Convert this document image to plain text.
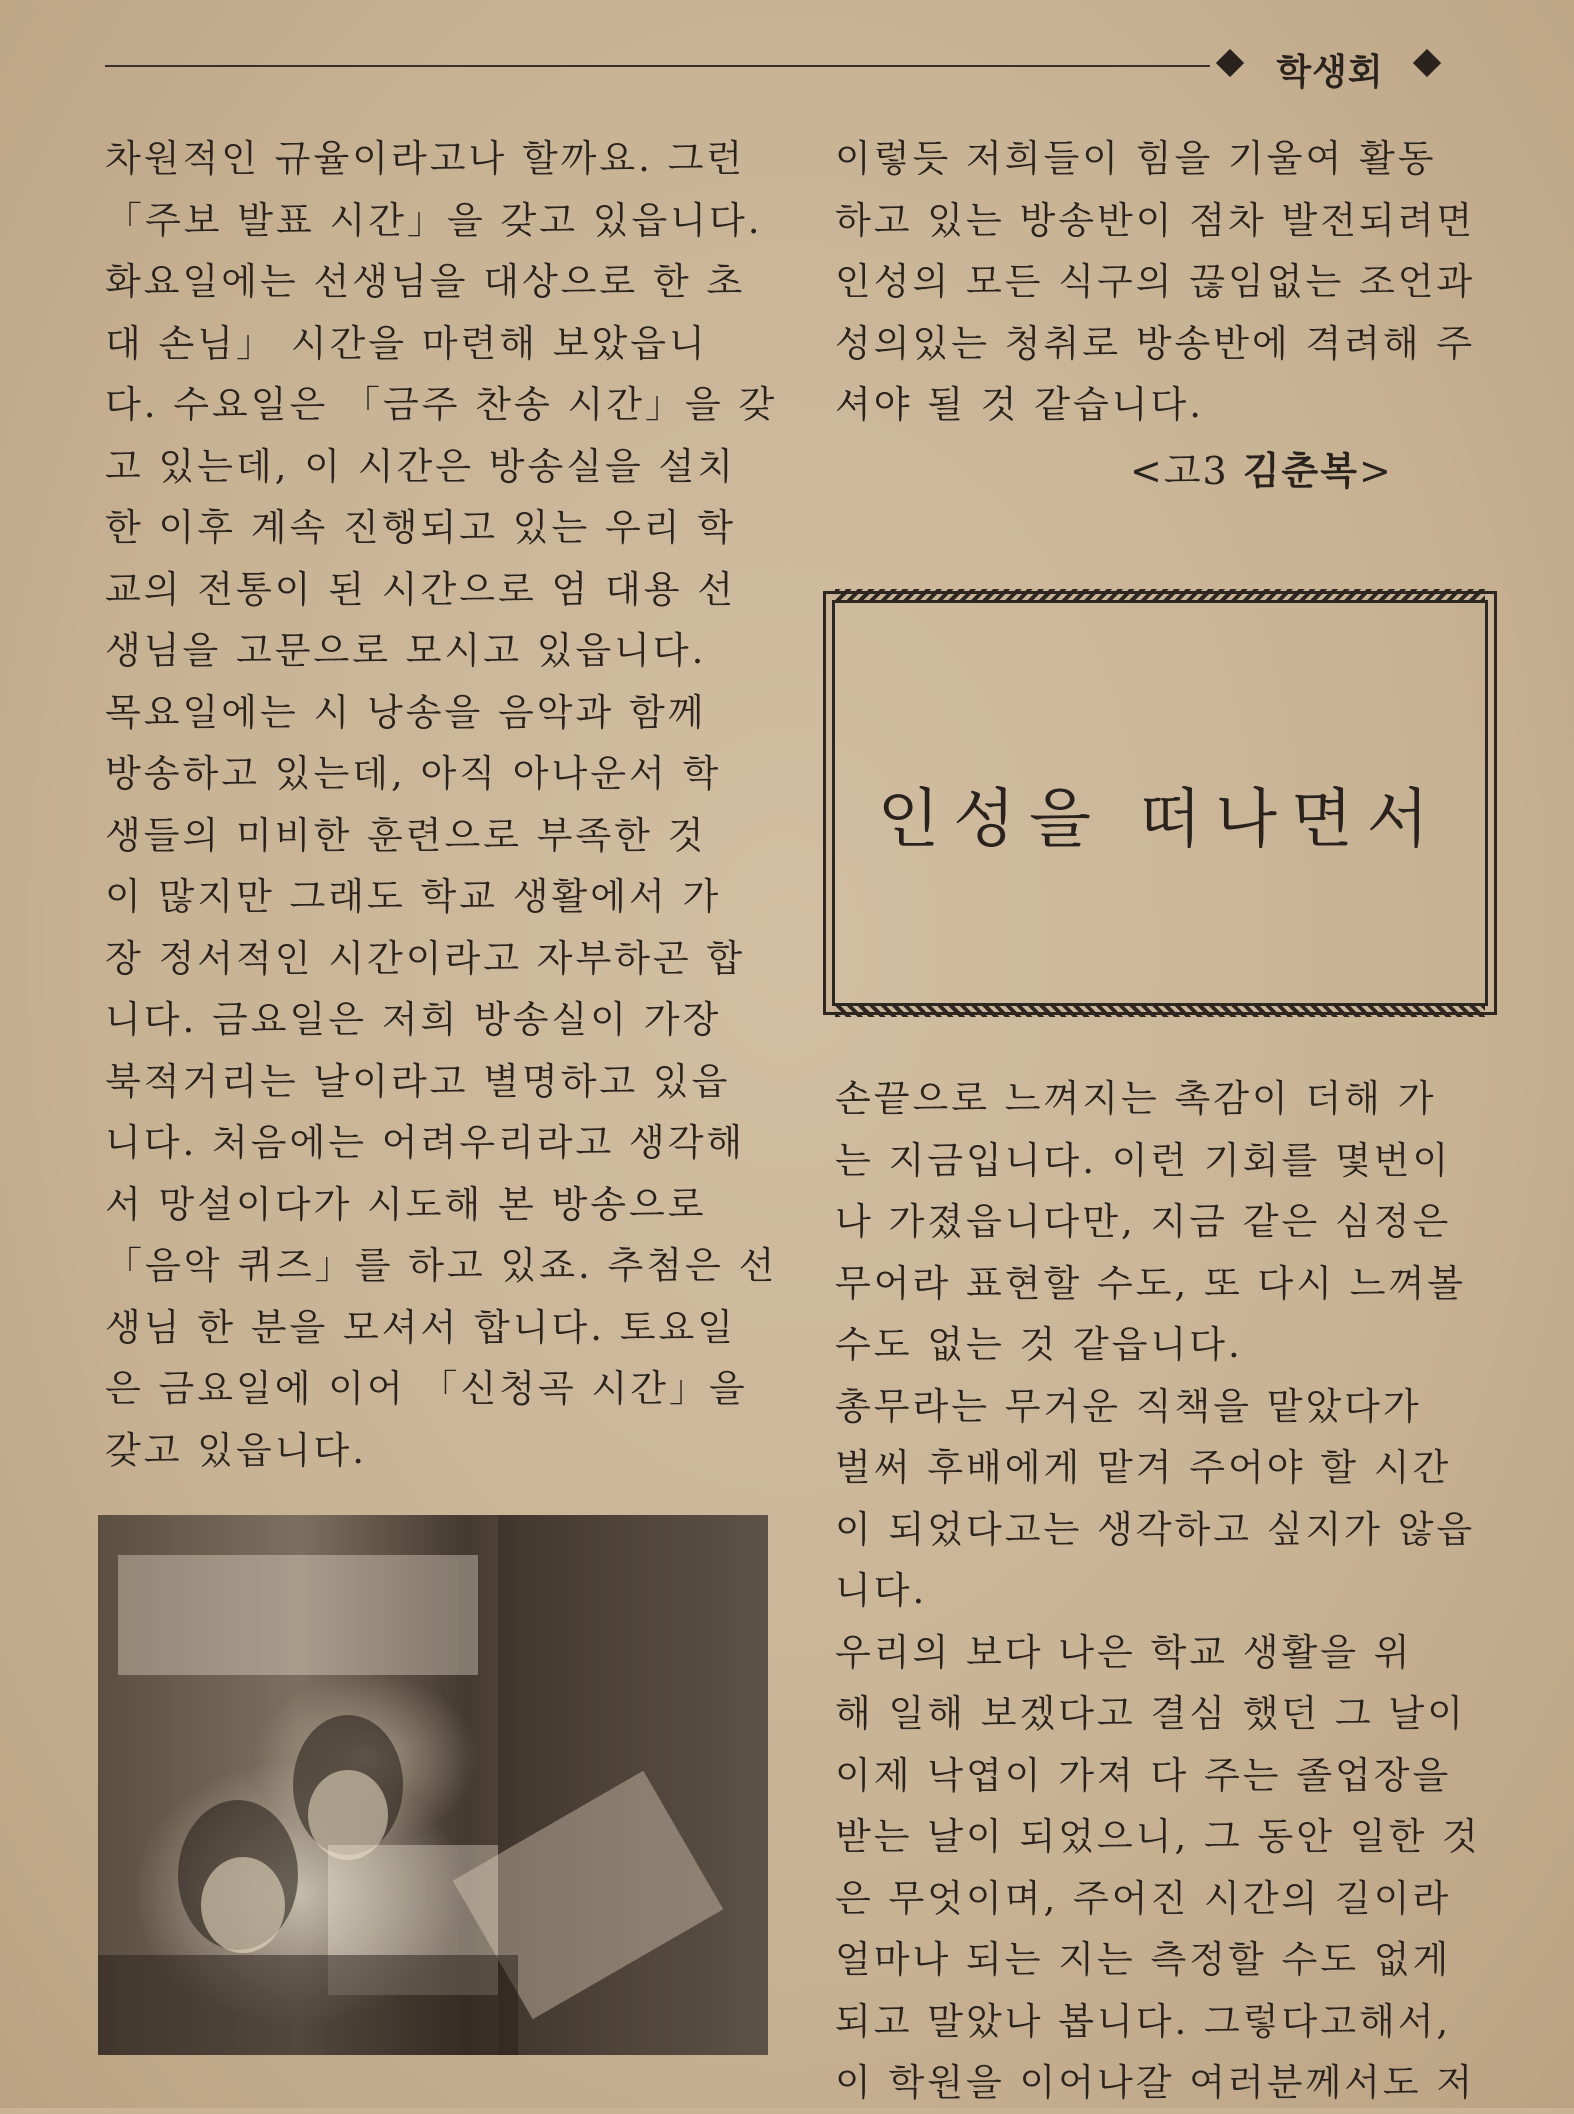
학생회

차원적인 규율이라고나 할까요. 그런

「주보 발표 시간」을 갖고 있읍니다.

화요일에는 선생님을 대상으로 한 초

대 손님」 시간을 마련해 보았읍니

다. 수요일은 「금주 찬송 시간」을 갖

고 있는데, 이 시간은 방송실을 설치

한 이후 계속 진행되고 있는 우리 학

교의 전통이 된 시간으로 엄 대용 선

생님을 고문으로 모시고 있읍니다.

목요일에는 시 낭송을 음악과 함께

방송하고 있는데, 아직 아나운서 학

생들의 미비한 훈련으로 부족한 것

이 많지만 그래도 학교 생활에서 가

장 정서적인 시간이라고 자부하곤 합

니다. 금요일은 저희 방송실이 가장

북적거리는 날이라고 별명하고 있읍

니다. 처음에는 어려우리라고 생각해

서 망설이다가 시도해 본 방송으로

「음악 퀴즈」를 하고 있죠. 추첨은 선

생님 한 분을 모셔서 합니다. 토요일

은 금요일에 이어 「신청곡 시간」을

갖고 있읍니다.

이렇듯 저희들이 힘을 기울여 활동

하고 있는 방송반이 점차 발전되려면

인성의 모든 식구의 끊임없는 조언과

성의있는 청취로 방송반에 격려해 주

셔야 될 것 같습니다.

<고3 김춘복>
인성을 떠나면서

손끝으로 느껴지는 촉감이 더해 가

는 지금입니다. 이런 기회를 몇번이

나 가졌읍니다만, 지금 같은 심정은

무어라 표현할 수도, 또 다시 느껴볼

수도 없는 것 같읍니다.

총무라는 무거운 직책을 맡았다가

벌써 후배에게 맡겨 주어야 할 시간

이 되었다고는 생각하고 싶지가 않읍

니다.

우리의 보다 나은 학교 생활을 위

해 일해 보겠다고 결심 했던 그 날이

이제 낙엽이 가져 다 주는 졸업장을

받는 날이 되었으니, 그 동안 일한 것

은 무엇이며, 주어진 시간의 길이라

얼마나 되는 지는 측정할 수도 없게

되고 말았나 봅니다. 그렇다고해서,

이 학원을 이어나갈 여러분께서도 저
